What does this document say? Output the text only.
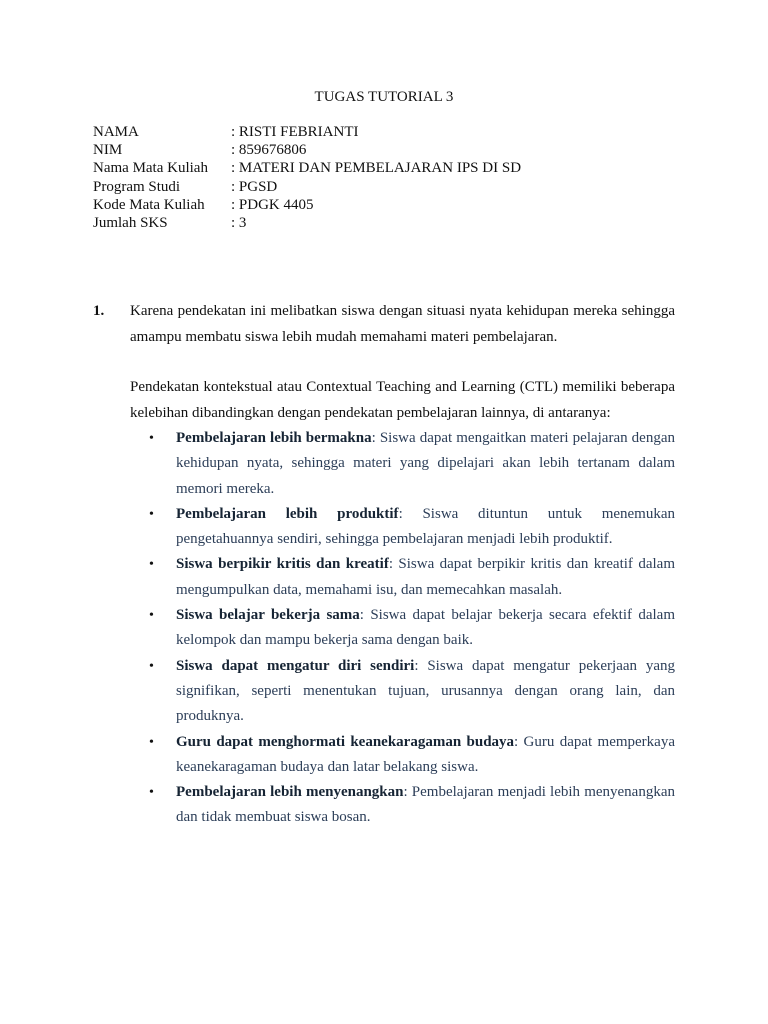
TUGAS TUTORIAL 3
NAMA	: RISTI FEBRIANTI
NIM	: 859676806
Nama Mata Kuliah	: MATERI DAN PEMBELAJARAN IPS DI SD
Program Studi	: PGSD
Kode Mata Kuliah	: PDGK 4405
Jumlah SKS	: 3
1.	Karena pendekatan ini melibatkan siswa dengan situasi nyata kehidupan mereka sehingga amampu membatu siswa lebih mudah memahami materi pembelajaran.

Pendekatan kontekstual atau Contextual Teaching and Learning (CTL) memiliki beberapa kelebihan dibandingkan dengan pendekatan pembelajaran lainnya, di antaranya:

• Pembelajaran lebih bermakna: Siswa dapat mengaitkan materi pelajaran dengan kehidupan nyata, sehingga materi yang dipelajari akan lebih tertanam dalam memori mereka.
• Pembelajaran lebih produktif: Siswa dituntun untuk menemukan pengetahuannya sendiri, sehingga pembelajaran menjadi lebih produktif.
• Siswa berpikir kritis dan kreatif: Siswa dapat berpikir kritis dan kreatif dalam mengumpulkan data, memahami isu, dan memecahkan masalah.
• Siswa belajar bekerja sama: Siswa dapat belajar bekerja secara efektif dalam kelompok dan mampu bekerja sama dengan baik.
• Siswa dapat mengatur diri sendiri: Siswa dapat mengatur pekerjaan yang signifikan, seperti menentukan tujuan, urusannya dengan orang lain, dan produknya.
• Guru dapat menghormati keanekaragaman budaya: Guru dapat memperkaya keanekaragaman budaya dan latar belakang siswa.
• Pembelajaran lebih menyenangkan: Pembelajaran menjadi lebih menyenangkan dan tidak membuat siswa bosan.
